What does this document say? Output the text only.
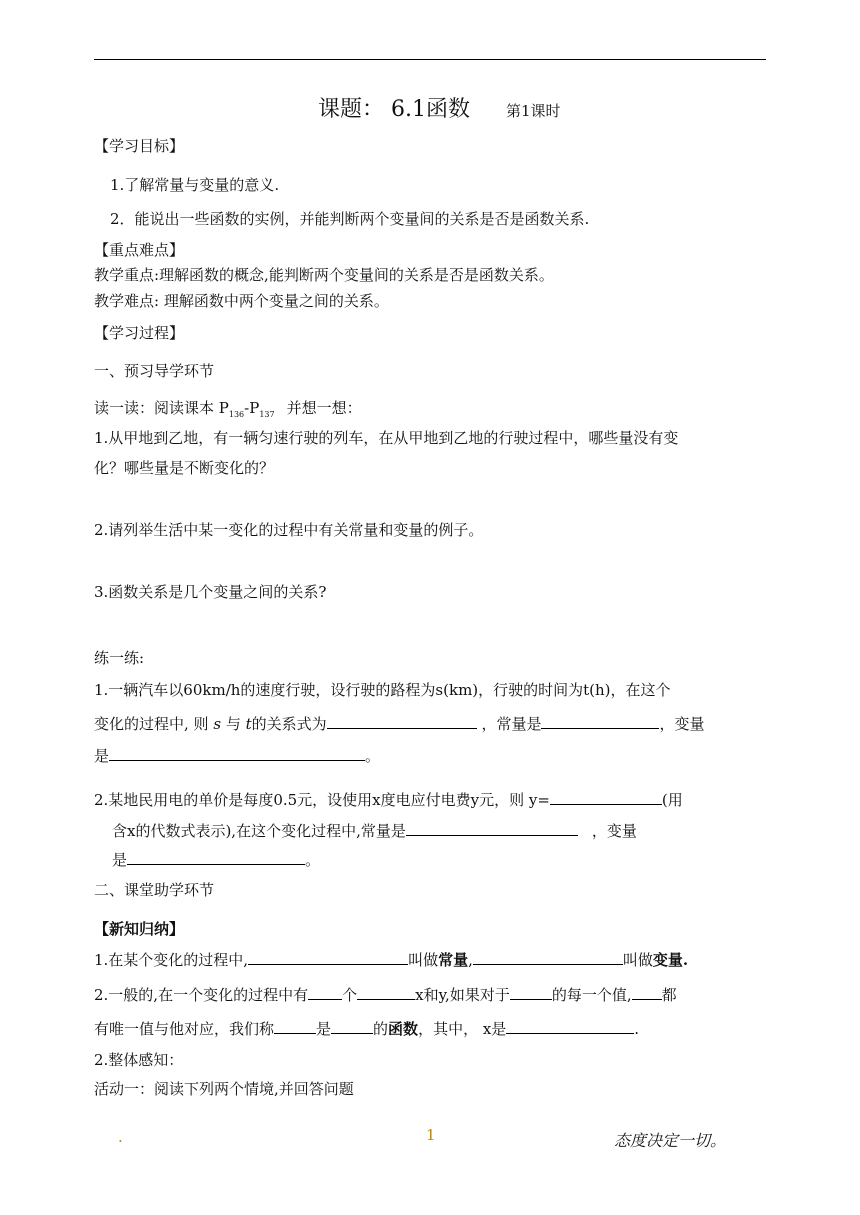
课题： 6.1函数 第1课时
【学习目标】
1.了解常量与变量的意义.
2．能说出一些函数的实例，并能判断两个变量间的关系是否是函数关系.
【重点难点】
教学重点:理解函数的概念,能判断两个变量间的关系是否是函数关系。
教学难点: 理解函数中两个变量之间的关系。
【学习过程】
一、预习导学环节
读一读：阅读课本 $P_{136}-P_{137}$ 并想一想：
1.从甲地到乙地，有一辆匀速行驶的列车，在从甲地到乙地的行驶过程中，哪些量没有变
化？哪些量是不断变化的？
2.请列举生活中某一变化的过程中有关常量和变量的例子。
3.函数关系是几个变量之间的关系?
练一练:
1.一辆汽车以60km/h的速度行驶，设行驶的路程为s(km)，行驶的时间为t(h)，在这个
变化的过程中, 则 s 与 t的关系式为	，常量是	，变量
是	。
2.某地民用电的单价是每度0.5元，设使用x度电应付电费y元，则 y=	(用
含x的代数式表示),在这个变化过程中,常量是	，变量
是	。
二、课堂助学环节
【新知归纳】
1.在某个变化的过程中,	叫做常量,	叫做变量.
2.一般的,在一个变化的过程中有 个	x和y,如果对于	的每一个值, 都
有唯一值与他对应，我们称	是	的函数，其中， x是	.
2.整体感知：
活动一：阅读下列两个情境,并回答问题
.	1	态度决定一切。
